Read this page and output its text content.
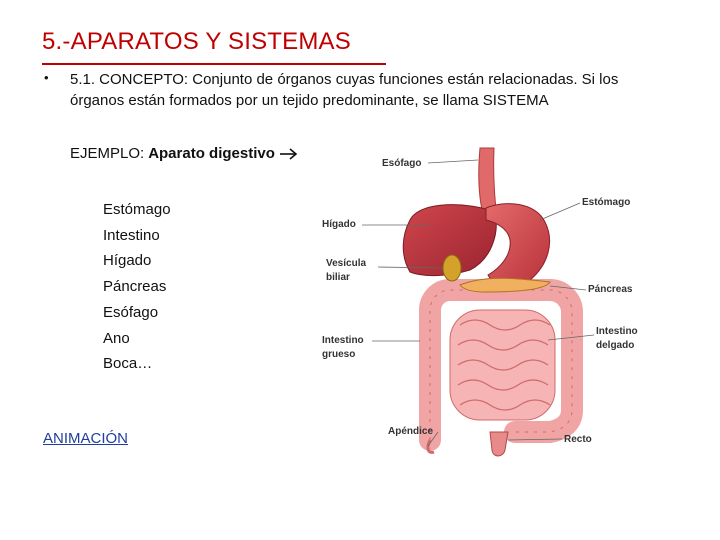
5.-APARATOS Y SISTEMAS
• 5.1. CONCEPTO: Conjunto de órganos cuyas funciones están relacionadas. Si los órganos están formados por un tejido predominante, se llama SISTEMA
EJEMPLO: Aparato digestivo
Estómago
Intestino
Hígado
Páncreas
Esófago
Ano
Boca…
ANIMACIÓN
Esófago
Estómago
Hígado
Vesícula
biliar
Páncreas
Intestino
grueso
Intestino
delgado
Apéndice
Recto
